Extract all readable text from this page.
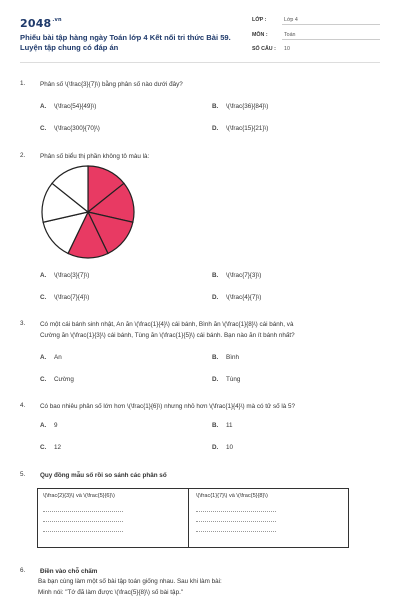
$2048^{.vn}$
Phiếu bài tập hàng ngày Toán lớp 4 Kết nối tri thức Bài 59.
Luyện tập chung có đáp án
LỚP :	Lớp 4
MÔN :	Toán
SỐ CÂU : 10
1.	Phân số \(\frac{3}{7}\) bằng phân số nào dưới đây?
A. \(\frac{54}{49}\)	B. \(\frac{36}{84}\)
C. \(\frac{300}{70}\)	D. \(\frac{15}{21}\)
2.	Phân số biểu thị phần không tô màu là:
A. \(\frac{3}{7}\)	B. \(\frac{7}{3}\)
C. \(\frac{7}{4}\)	D. \(\frac{4}{7}\)
3.	Có một cái bánh sinh nhật, An ăn \(\frac{1}{4}\) cái bánh, Bình ăn \(\frac{1}{8}\) cái bánh, và
Cường ăn \(\frac{1}{3}\) cái bánh, Tùng ăn \(\frac{1}{5}\) cái bánh. Bạn nào ăn ít bánh nhất?
A. An	B. Bình
C. Cường	D. Tùng
4.	Có bao nhiêu phân số lớn hơn \(\frac{1}{6}\) nhưng nhỏ hơn \(\frac{1}{4}\) mà có tử số là 5?
A. 9	B. 11
C. 12	D. 10
5.	Quy đồng mẫu số rồi so sánh các phân số
\(\frac{2}{3}\) và \(\frac{5}{6}\)	\(\frac{1}{7}\) và \(\frac{5}{8}\)
6.	Điền vào chỗ chấm
Ba bạn cùng làm một số bài tập toán giống nhau. Sau khi làm bài:
Minh nói: "Tớ đã làm được \(\frac{5}{8}\) số bài tập."
